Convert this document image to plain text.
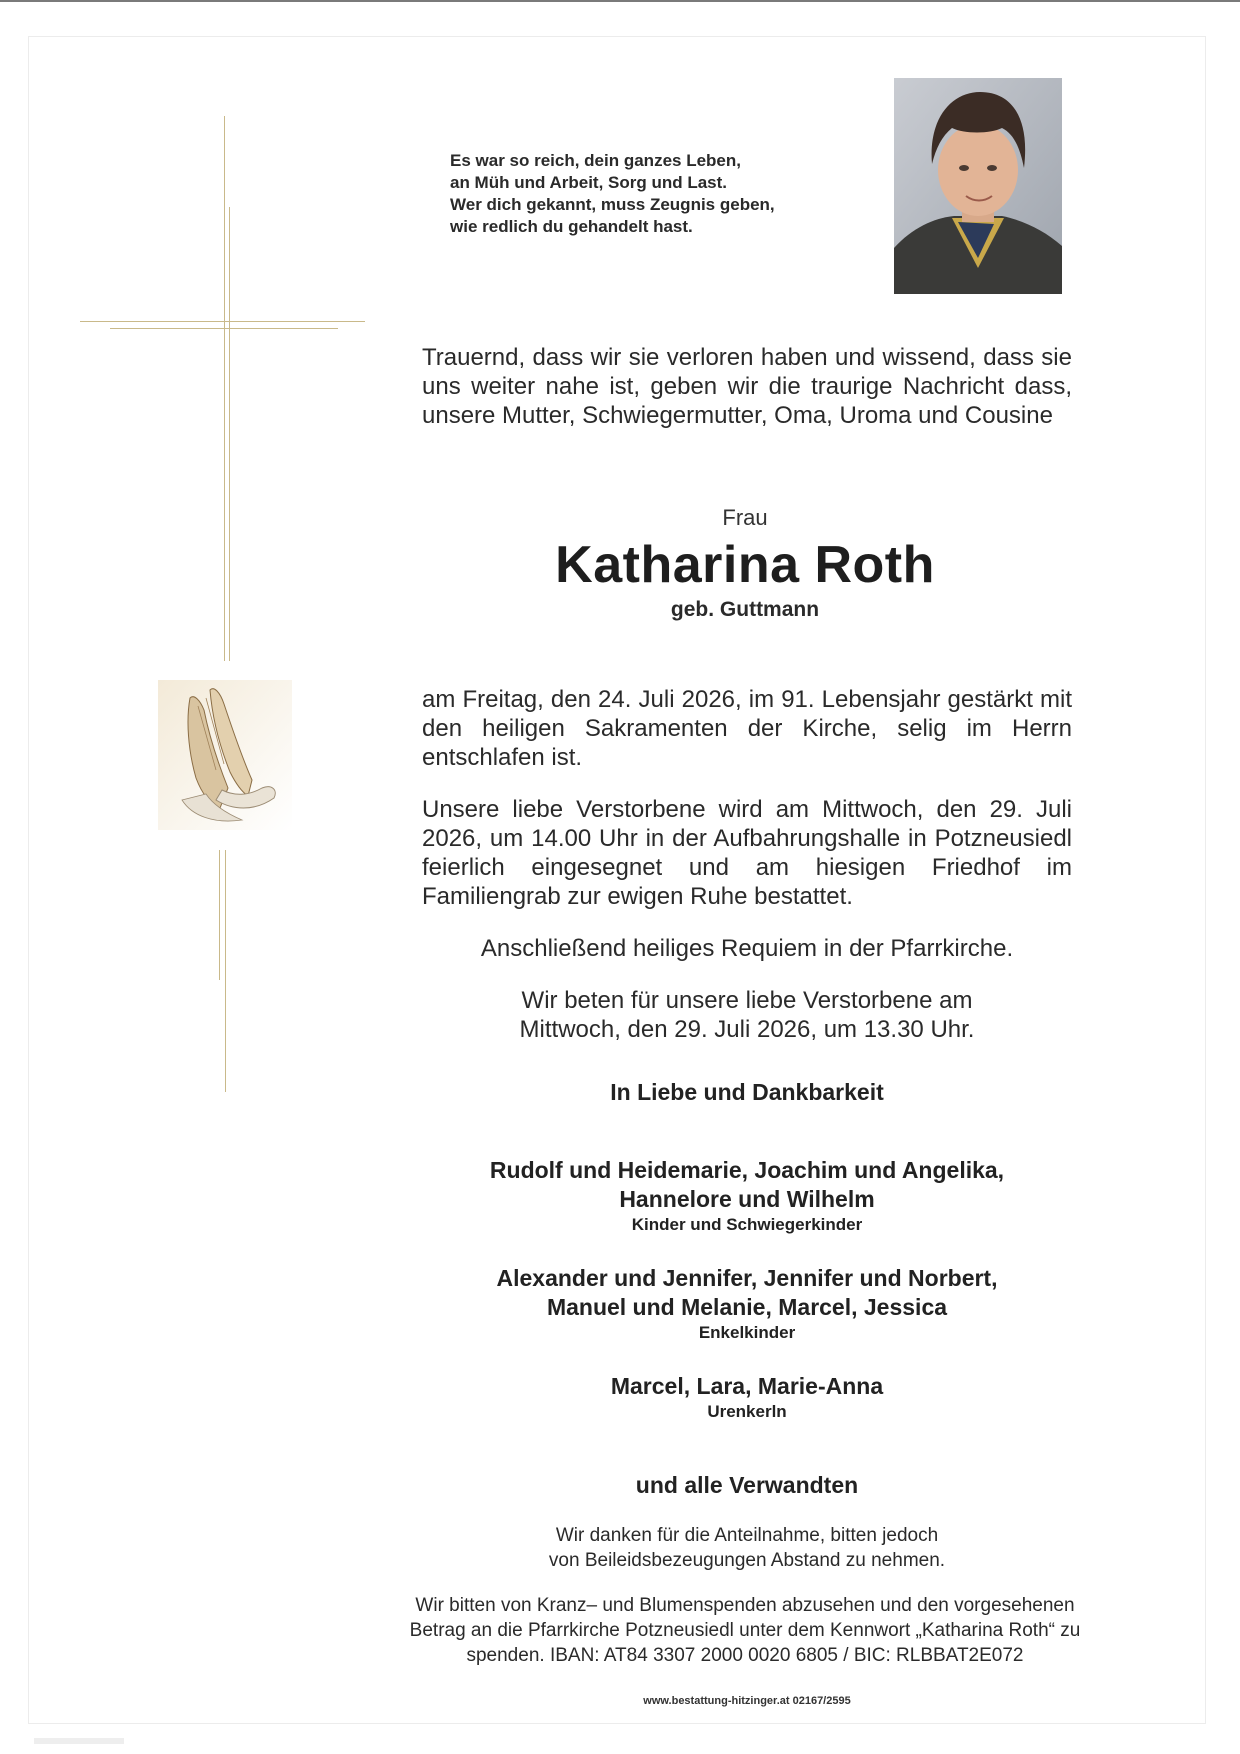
Es war so reich, dein ganzes Leben,
an Müh und Arbeit, Sorg und Last.
Wer dich gekannt, muss Zeugnis geben,
wie redlich du gehandelt hast.
Trauernd, dass wir sie verloren haben und wissend, dass sie uns weiter nahe ist, geben wir die traurige Nachricht dass, unsere Mutter, Schwiegermutter, Oma, Uroma und Cousine
Frau
Katharina Roth
geb. Guttmann
am Freitag, den 24. Juli 2026, im 91. Lebensjahr gestärkt mit den heiligen Sakramenten der Kirche, selig im Herrn entschlafen ist.
Unsere liebe Verstorbene wird am Mittwoch, den 29. Juli 2026, um 14.00 Uhr in der Aufbahrungshalle in Potzneusiedl feierlich eingesegnet und am hiesigen Friedhof im Familiengrab zur ewigen Ruhe bestattet.
Anschließend heiliges Requiem in der Pfarrkirche.
Wir beten für unsere liebe Verstorbene am
Mittwoch, den 29. Juli 2026, um 13.30 Uhr.
In Liebe und Dankbarkeit
Rudolf und Heidemarie, Joachim und Angelika,
Hannelore und Wilhelm
Kinder und Schwiegerkinder
Alexander und Jennifer, Jennifer und Norbert,
Manuel und Melanie, Marcel, Jessica
Enkelkinder
Marcel, Lara, Marie-Anna
Urenkerln
und alle Verwandten
Wir danken für die Anteilnahme, bitten jedoch
von Beileidsbezeugungen Abstand zu nehmen.
Wir bitten von Kranz– und Blumenspenden abzusehen und den vorgesehenen
Betrag an die Pfarrkirche Potzneusiedl unter dem Kennwort „Katharina Roth“ zu
spenden. IBAN: AT84 3307 2000 0020 6805 / BIC: RLBBAT2E072
www.bestattung-hitzinger.at 02167/2595
